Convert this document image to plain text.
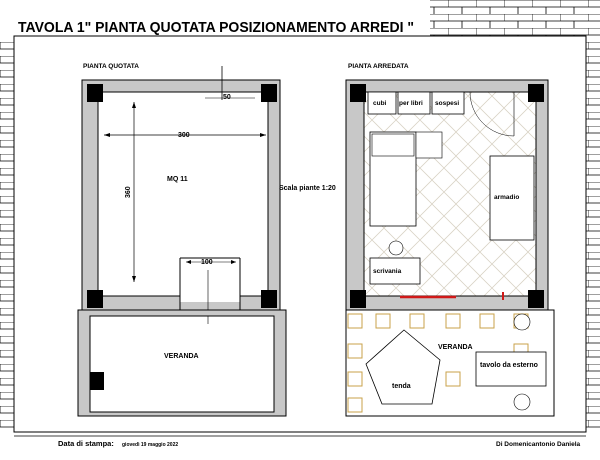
TAVOLA 1" PIANTA QUOTATA POSIZIONAMENTO ARREDI "
PIANTA QUOTATA
50
300
360
MQ 11
100
VERANDA
Scala piante 1:20
PIANTA ARREDATA
cubi per libri sospesi
armadio
scrivania
tavolo da esterno
tenda
VERANDA
Data di stampa: giovedì 19 maggio 2022	Di Domenicantonio Daniela
